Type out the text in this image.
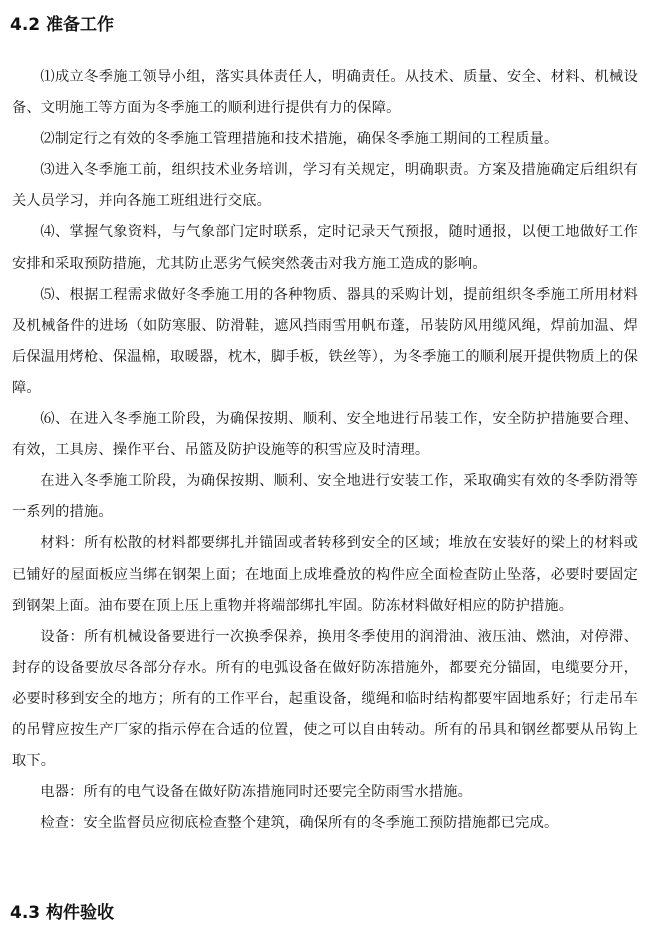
4.2 准备工作

⑴成立冬季施工领导小组，落实具体责任人，明确责任。从技术、质量、安全、材料、机械设备、文明施工等方面为冬季施工的顺利进行提供有力的保障。

⑵制定行之有效的冬季施工管理措施和技术措施，确保冬季施工期间的工程质量。

⑶进入冬季施工前，组织技术业务培训，学习有关规定，明确职责。方案及措施确定后组织有关人员学习，并向各施工班组进行交底。

⑷、掌握气象资料，与气象部门定时联系，定时记录天气预报，随时通报，以便工地做好工作安排和采取预防措施，尤其防止恶劣气候突然袭击对我方施工造成的影响。

⑸、根据工程需求做好冬季施工用的各种物质、器具的采购计划，提前组织冬季施工所用材料及机械备件的进场（如防寒服、防滑鞋，遮风挡雨雪用帆布蓬，吊装防风用缆风绳，焊前加温、焊后保温用烤枪、保温棉，取暖器，枕木，脚手板，铁丝等），为冬季施工的顺利展开提供物质上的保障。

⑹、在进入冬季施工阶段，为确保按期、顺利、安全地进行吊装工作，安全防护措施要合理、有效，工具房、操作平台、吊篮及防护设施等的积雪应及时清理。

在进入冬季施工阶段，为确保按期、顺利、安全地进行安装工作，采取确实有效的冬季防滑等一系列的措施。

材料：所有松散的材料都要绑扎并锚固或者转移到安全的区域；堆放在安装好的梁上的材料或已铺好的屋面板应当绑在钢架上面；在地面上成堆叠放的构件应全面检查防止坠落，必要时要固定到钢架上面。油布要在顶上压上重物并将端部绑扎牢固。防冻材料做好相应的防护措施。

设备：所有机械设备要进行一次换季保养，换用冬季使用的润滑油、液压油、燃油，对停滞、封存的设备要放尽各部分存水。所有的电弧设备在做好防冻措施外，都要充分锚固，电缆要分开，必要时移到安全的地方；所有的工作平台，起重设备，缆绳和临时结构都要牢固地系好；行走吊车的吊臂应按生产厂家的指示停在合适的位置，使之可以自由转动。所有的吊具和钢丝都要从吊钩上取下。

电器：所有的电气设备在做好防冻措施同时还要完全防雨雪水措施。

检查：安全监督员应彻底检查整个建筑，确保所有的冬季施工预防措施都已完成。

4.3 构件验收
